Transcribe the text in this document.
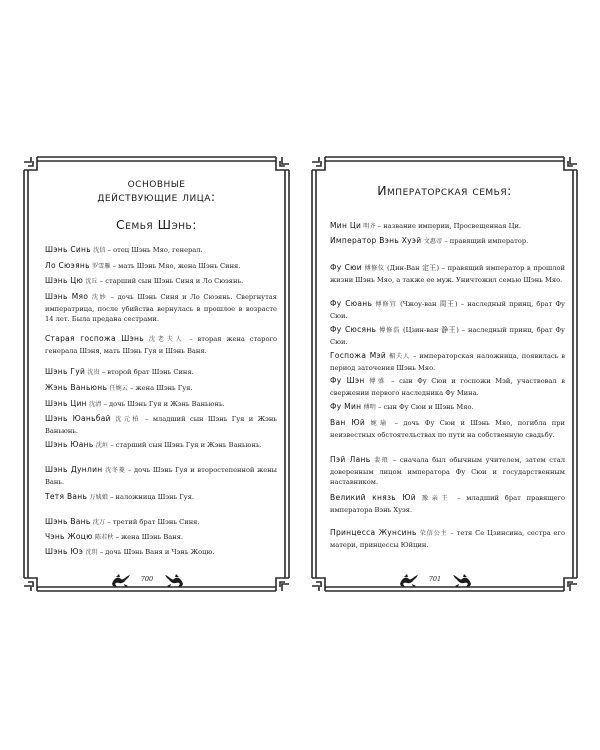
основные
действующие лица:
Семья Шэнь:
Шэнь Синь 沈信 – отец Шэнь Мяо, генерал.
Ло Сюэянь 罗雪雁 – мать Шэнь Мяо, жена Шэнь Синя.
Шэнь Цю 沈丘 – старший сын Шэнь Синя и Ло Сюэянь.
Шэнь Мяо 沈妙 – дочь Шэнь Синя и Ло Сюэянь. Свергнутая императрица, после убийства вернулась в прошлое в возрасте 14 лет. Была предана сестрами.
Старая госпожа Шэнь 沈老夫人 – вторая жена старого генерала Шэня, мать Шэнь Гуя и Шэнь Ваня.
Шэнь Гуй 沈贵 – второй брат Шэнь Синя.
Жэнь Ваньюнь 任婉云 – жена Шэнь Гуя.
Шэнь Цин 沈清 – дочь Шэнь Гуя и Жэнь Ваньюнь.
Шэнь Юаньбай 沈元柏 – младший сын Шэнь Гуя и Жэнь Ваньюнь.
Шэнь Юань 沈垣 – старший сын Шэнь Гуя и Жэнь Ваньюнь.
Шэнь Дунлин 沈冬菱 – дочь Шэнь Гуя и второстепенной жены Вань.
Тетя Вань 万姨娘 – наложница Шэнь Гуя.
Шэнь Вань 沈万 – третий брат Шэнь Синя.
Чэнь Жоцю 陈若秋 – жена Шэнь Ваня.
Шэнь Юэ 沈玥 – дочь Шэнь Ваня и Чэнь Жоцю.
700
Императорская семья:
Мин Ци 明齐 – название империи, Просвещенная Ци.
Император Вэнь Хуэй 文惠帝 – правящий император.
Фу Сюи 傅修仪 (Дин-Ван 定王) – правящий император в прошлой жизни Шэнь Мяо, а также ее муж. Уничтожил семью Шэнь Мяо.
Фу Сюань 傅修宜 (Чжоу-ван 周王) – наследный принц, брат Фу Сюи.
Фу Сюсянь 傅修浩 (Цзин-ван 静王) – наследный принц, брат Фу Сюи.
Госпожа Мэй 楣夫人 – императорская наложница, появилась в период заточения Шэнь Мяо.
Фу Шэн 傅盛 – сын Фу Сюи и госпожи Мэй, участвовал в свержении первого наследника Фу Мина.
Фу Мин 傅明 – сын Фу Сюи и Шэнь Мяо.
Ван Юй 婉瑜 – дочь Фу Сюи и Шэнь Мяо, погибла при неизвестных обстоятельствах по пути на собственную свадьбу.
Пэй Лань 裴琅 – сначала был обычным учителем, затем стал доверенным лицом императора Фу Сюи и государственным наставником.
Великий князь Юй 豫亲王 – младший брат правящего императора Вэнь Хуэя.
Принцесса Жунсинь 荣信公主 – тетя Се Цзинсина, сестра его матери, принцессы Юйцин.
701
